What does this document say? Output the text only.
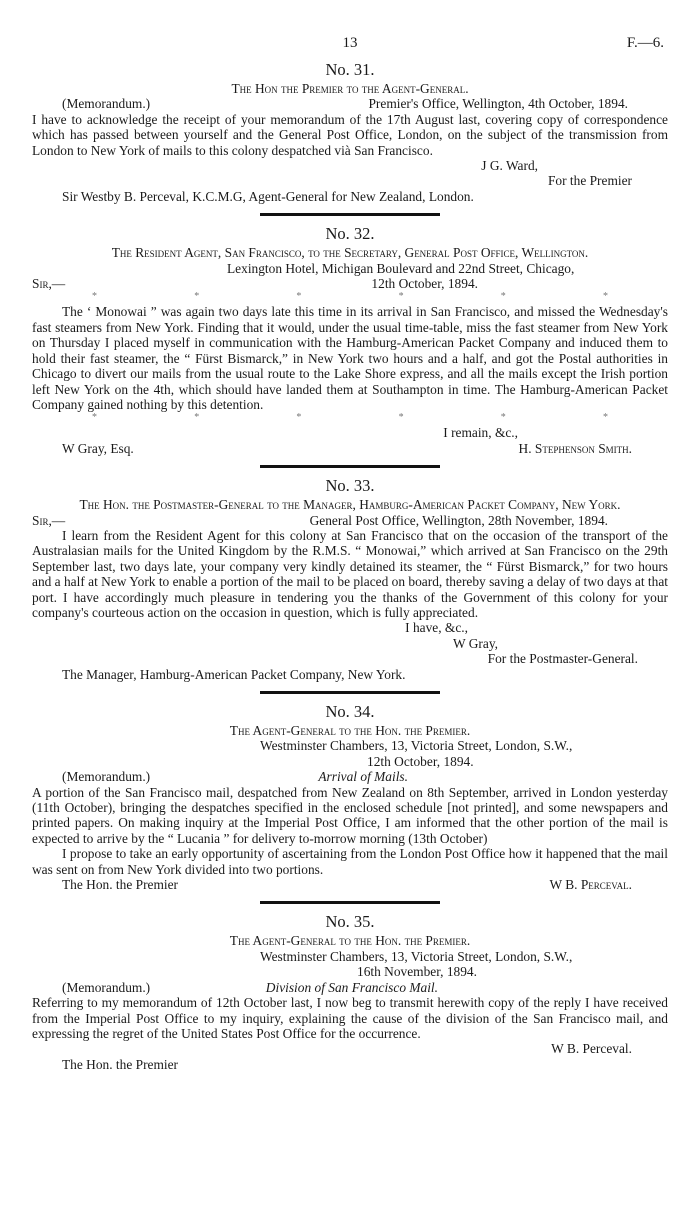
13	F.—6.
No. 31.
The Hon the Premier to the Agent-General.
(Memorandum.)	Premier's Office, Wellington, 4th October, 1894.

I have to acknowledge the receipt of your memorandum of the 17th August last, covering copy of correspondence which has passed between yourself and the General Post Office, London, on the subject of the transmission from London to New York of mails to this colony despatched vià San Francisco.

J G. Ward,
For the Premier
Sir Westby B. Perceval, K.C.M.G, Agent-General for New Zealand, London.
No. 32.
The Resident Agent, San Francisco, to the Secretary, General Post Office, Wellington.
Lexington Hotel, Michigan Boulevard and 22nd Street, Chicago,
Sir,—	12th October, 1894.
*	*	*	*	*	*

The ‘ Monowai ” was again two days late this time in its arrival in San Francisco, and missed the Wednesday's fast steamers from New York. Finding that it would, under the usual time-table, miss the fast steamer from New York on Thursday I placed myself in communication with the Hamburg-American Packet Company and induced them to hold their fast steamer, the “ Fürst Bismarck,” in New York two hours and a half, and got the Postal authorities in Chicago to divert our mails from the usual route to the Lake Shore express, and all the mails except the Irish portion left New York on the 4th, which should have landed them at Southampton in time. The Hamburg-American Packet Company gained nothing by this detention.

*	*	*	*	*	*
I remain, &c.,
W Gray, Esq.	H. Stephenson Smith.
No. 33.
The Hon. the Postmaster-General to the Manager, Hamburg-American Packet Company, New York.
Sir,—	General Post Office, Wellington, 28th November, 1894.

I learn from the Resident Agent for this colony at San Francisco that on the occasion of the transport of the Australasian mails for the United Kingdom by the R.M.S. “ Monowai,” which arrived at San Francisco on the 29th September last, two days late, your company very kindly detained its steamer, the “ Fürst Bismarck,” for two hours and a half at New York to enable a portion of the mail to be placed on board, thereby saving a delay of two days at that port. I have accordingly much pleasure in tendering you the thanks of the Government of this colony for your company's courteous action on the occasion in question, which is fully appreciated.

I have, &c.,
W Gray,
For the Postmaster-General.
The Manager, Hamburg-American Packet Company, New York.
No. 34.
The Agent-General to the Hon. the Premier.
Westminster Chambers, 13, Victoria Street, London, S.W.,
12th October, 1894.
(Memorandum.)	Arrival of Mails.

A portion of the San Francisco mail, despatched from New Zealand on 8th September, arrived in London yesterday (11th October), bringing the despatches specified in the enclosed schedule [not printed], and some newspapers and printed papers. On making inquiry at the Imperial Post Office, I am informed that the other portion of the mail is expected to arrive by the “ Lucania ” for delivery to-morrow morning (13th October)

I propose to take an early opportunity of ascertaining from the London Post Office how it happened that the mail was sent on from New York divided into two portions.

The Hon. the Premier	W B. Perceval.
No. 35.
The Agent-General to the Hon. the Premier.
Westminster Chambers, 13, Victoria Street, London, S.W.,
16th November, 1894.
(Memorandum.)	Division of San Francisco Mail.

Referring to my memorandum of 12th October last, I now beg to transmit herewith copy of the reply I have received from the Imperial Post Office to my inquiry, explaining the cause of the division of the San Francisco mail, and expressing the regret of the United States Post Office for the occurrence.

W B. Perceval.
The Hon. the Premier
